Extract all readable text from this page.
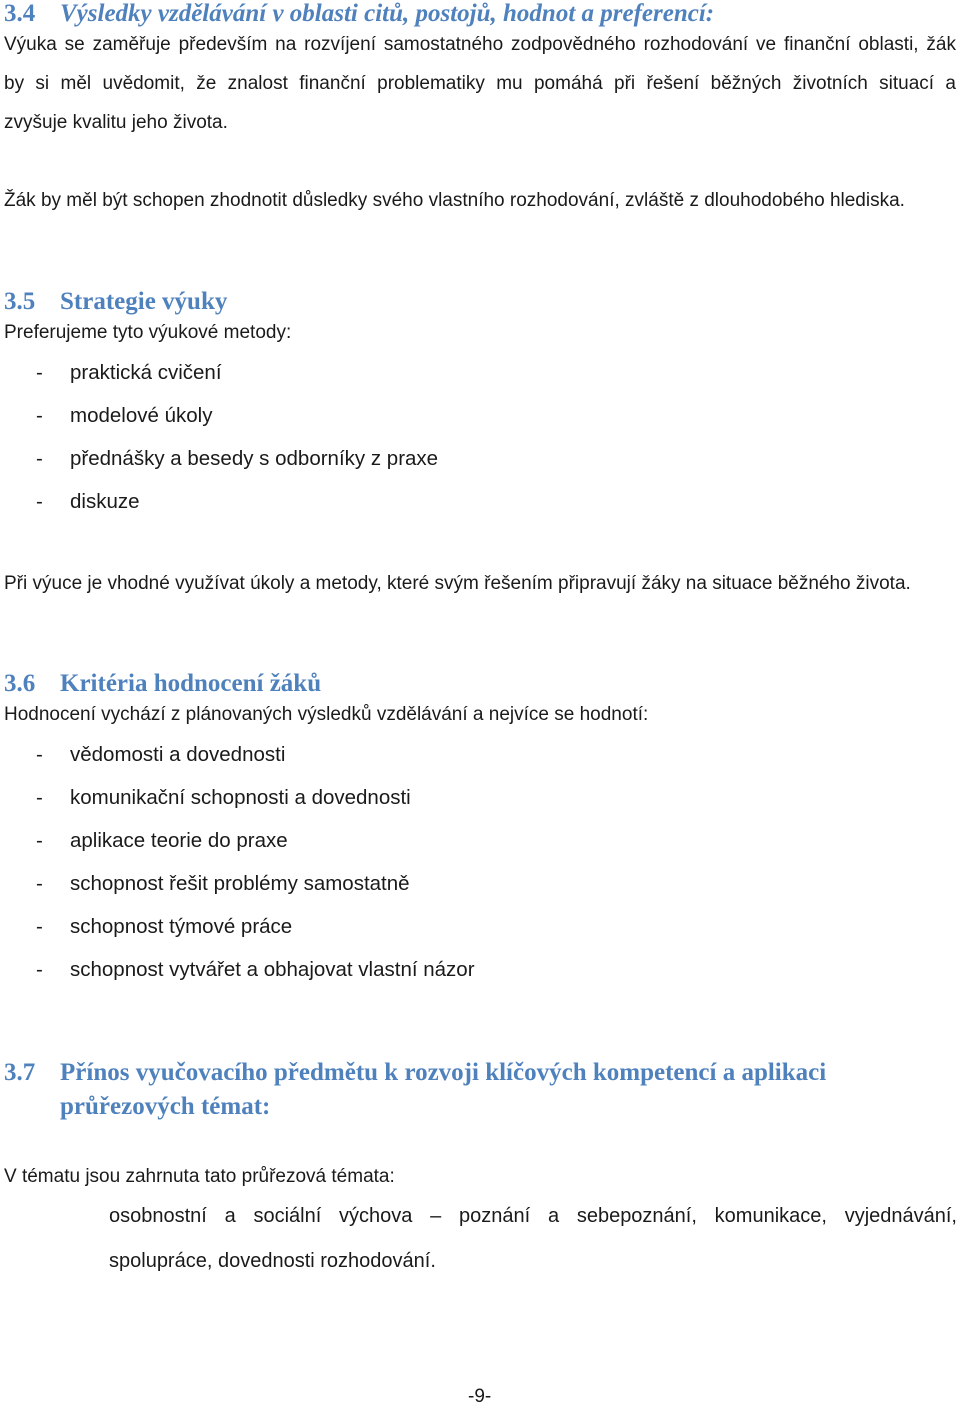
3.4 Výsledky vzdělávání v oblasti citů, postojů, hodnot a preferencí:
Výuka se zaměřuje především na rozvíjení samostatného zodpovědného rozhodování ve finanční oblasti, žák
by si měl uvědomit, že znalost finanční problematiky mu pomáhá při řešení běžných životních situací a
zvyšuje kvalitu jeho života.
Žák by měl být schopen zhodnotit důsledky svého vlastního rozhodování, zvláště z dlouhodobého hlediska.
3.5 Strategie výuky
Preferujeme tyto výukové metody:
- praktická cvičení
- modelové úkoly
- přednášky a besedy s odborníky z praxe
- diskuze
Při výuce je vhodné využívat úkoly a metody, které svým řešením připravují žáky na situace běžného života.
3.6 Kritéria hodnocení žáků
Hodnocení vychází z plánovaných výsledků vzdělávání a nejvíce se hodnotí:
- vědomosti a dovednosti
- komunikační schopnosti a dovednosti
- aplikace teorie do praxe
- schopnost řešit problémy samostatně
- schopnost týmové práce
- schopnost vytvářet a obhajovat vlastní názor
3.7 Přínos vyučovacího předmětu k rozvoji klíčových kompetencí a aplikaci
průřezových témat:
V tématu jsou zahrnuta tato průřezová témata:
osobnostní a sociální výchova – poznání a sebepoznání, komunikace, vyjednávání,
spolupráce, dovednosti rozhodování.
-9-
